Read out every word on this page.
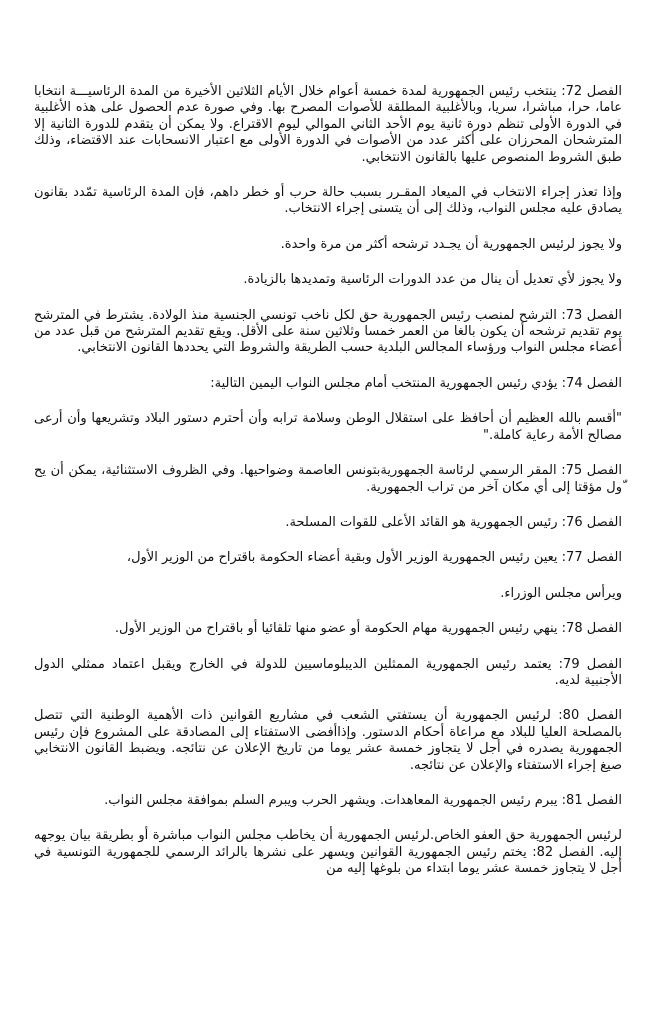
الفصل 72: ينتخب رئيس الجمهورية لمدة خمسة أعوام خلال الأيام الثلاثين الأخيرة من المدة الرئاسيـــة انتخابا عاما، حرا، مباشرا، سريا، وبالأغلبية المطلقة للأصوات المصرح بها. وفي صورة عدم الحصول على هذه الأغلبية في الدورة الأولى تنظم دورة ثانية يوم الأحد الثاني الموالي ليوم الاقتراع. ولا يمكن أن يتقدم للدورة الثانية إلا المترشحان المحرزان على أكثر عدد من الأصوات في الدورة الأولى مع اعتبار الانسحابات عند الاقتضاء، وذلك طبق الشروط المنصوص عليها بالقانون الانتخابي.

وإذا تعذر إجراء الانتخاب في الميعاد المقـرر بسبب حالة حرب أو خطر داهم، فإن المدة الرئاسية تمّدد بقانون يصادق عليه مجلس النواب، وذلك إلى أن يتسنى إجراء الانتخاب.

ولا يجوز لرئيس الجمهورية أن يجـدد ترشحه أكثر من مرة واحدة.

ولا يجوز لأي تعديل أن ينال من عدد الدورات الرئاسية وتمديدها بالزيادة.

الفصل 73: الترشح لمنصب رئيس الجمهورية حق لكل ناخب تونسي الجنسية منذ الولادة. يشترط في المترشح يوم تقديم ترشحه أن يكون بالغا من العمر خمسا وثلاثين سنة على الأقل. ويقع تقديم المترشح من قبل عدد من أعضاء مجلس النواب ورؤساء المجالس البلدية حسب الطريقة والشروط التي يحددها القانون الانتخابي.

الفصل 74: يؤدي رئيس الجمهورية المنتخب أمام مجلس النواب اليمين التالية:

"أقسم بالله العظيم أن أحافظ على استقلال الوطن وسلامة ترابه وأن أحترم دستور البلاد وتشريعها وأن أرعى مصالح الأمة رعاية كاملة."

الفصل 75: المقر الرسمي لرئاسة الجمهوريةبتونس العاصمة وضواحيها. وفي الظروف الاستثنائية، يمكن أن يح ّول مؤقتا إلى أي مكان آخر من تراب الجمهورية.

الفصل 76: رئيس الجمهورية هو القائد الأعلى للقوات المسلحة.

الفصل 77: يعين رئيس الجمهورية الوزير الأول وبقية أعضاء الحكومة باقتراح من الوزير الأول،

ويرأس مجلس الوزراء.

الفصل 78: ينهي رئيس الجمهورية مهام الحكومة أو عضو منها تلقائيا أو باقتراح من الوزير الأول.

الفصل 79: يعتمد رئيس الجمهورية الممثلين الديبلوماسيين للدولة في الخارج ويقبل اعتماد ممثلي الدول الأجنبية لديه.

الفصل 80: لرئيس الجمهورية أن يستفتي الشعب في مشاريع القوانين ذات الأهمية الوطنية التي تتصل بالمصلحة العليا للبلاد مع مراعاة أحكام الدستور. وإذاأفضى الاستفتاء إلى المصادقة على المشروع فإن رئيس الجمهورية يصدره في أجل لا يتجاوز خمسة عشر يوما من تاريخ الإعلان عن نتائجه. ويضبط القانون الانتخابي صيغ إجراء الاستفتاء والإعلان عن نتائجه.

الفصل 81: يبرم رئيس الجمهورية المعاهدات. ويشهر الحرب ويبرم السلم بموافقة مجلس النواب.

لرئيس الجمهورية حق العفو الخاص.لرئيس الجمهورية أن يخاطب مجلس النواب مباشرة أو بطريقة بيان يوجهه إليه. الفصل 82: يختم رئيس الجمهورية القوانين ويسهر على نشرها بالرائد الرسمي للجمهورية التونسية في أجل لا يتجاوز خمسة عشر يوما ابتداء من بلوغها إليه من
